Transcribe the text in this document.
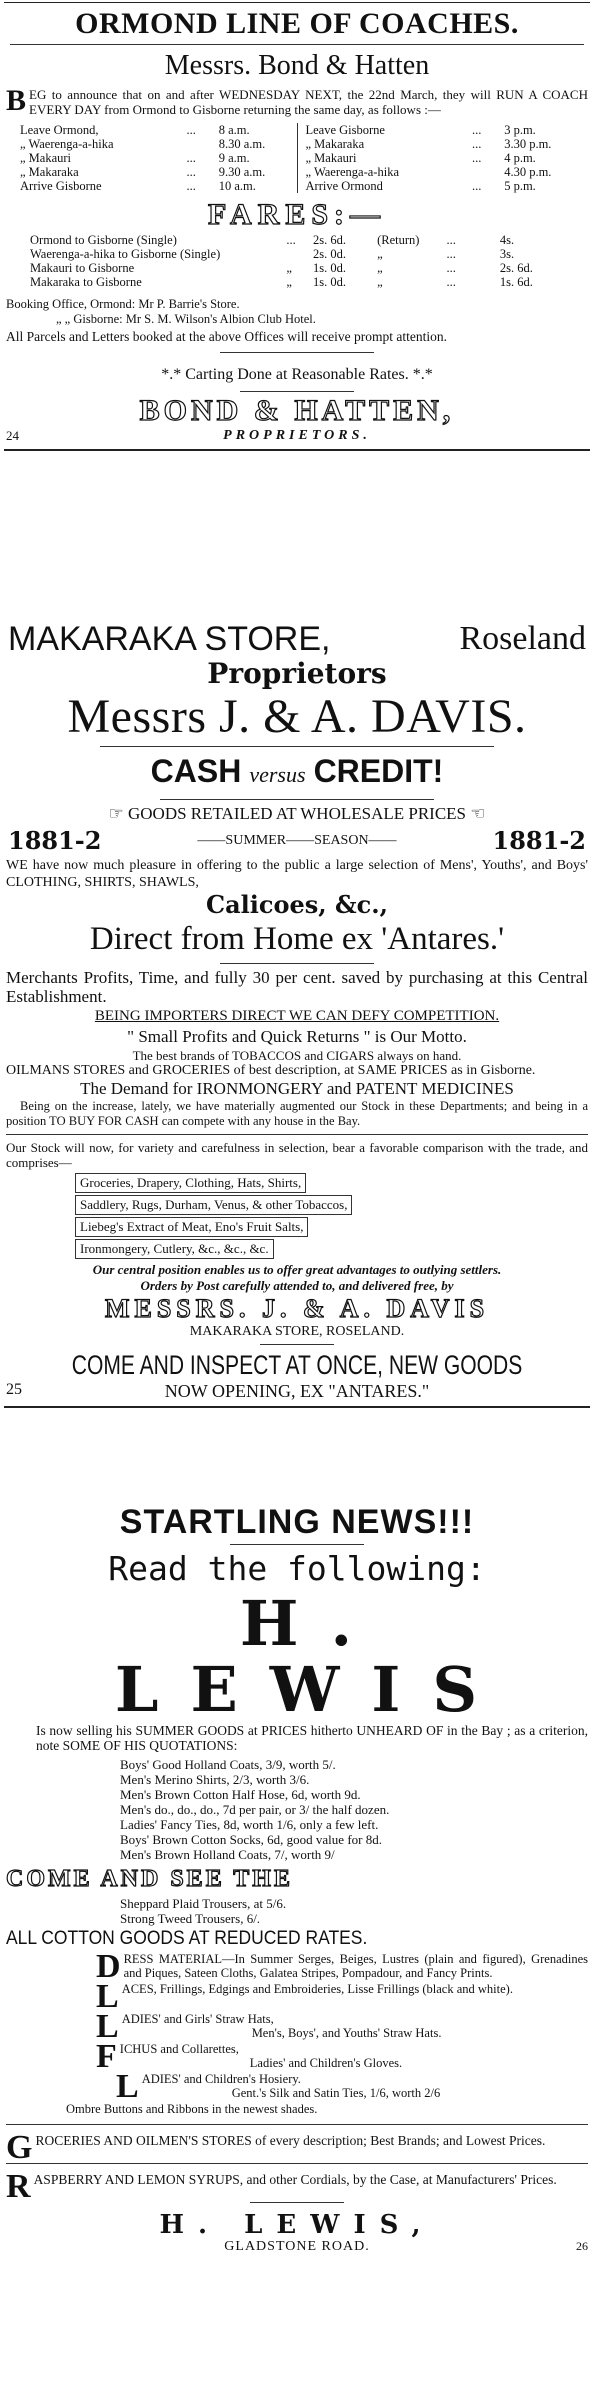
ORMOND LINE OF COACHES.
Messrs. Bond & Hatten
BEG to announce that on and after WEDNESDAY NEXT, the 22nd March, they will RUN A COACH EVERY DAY from Ormond to Gisborne returning the same day, as follows :—
Leave Ormond,	...	8 a.m.
„ Waerenga-a-hika	8.30 a.m.
„ Makauri	...	9 a.m.
„ Makaraka	...	9.30 a.m.
Arrive Gisborne	...	10 a.m.
Leave Gisborne	...	3 p.m.
„ Makaraka	...	3.30 p.m.
„ Makauri	...	4 p.m.
„ Waerenga-a-hika	4.30 p.m.
Arrive Ormond	...	5 p.m.
FARES:—
Ormond to Gisborne (Single)	...	2s. 6d.	(Return)	...	4s.
Waerenga-a-hika to Gisborne (Single)	2s. 0d.	„	...	3s.
Makauri to Gisborne	„	1s. 0d.	„	...	2s. 6d.
Makaraka to Gisborne	„	1s. 0d.	„	...	1s. 6d.
Booking Office, Ormond: Mr P. Barrie's Store.
„ „ Gisborne: Mr S. M. Wilson's Albion Club Hotel.
All Parcels and Letters booked at the above Offices will receive prompt attention.
*.* Carting Done at Reasonable Rates. *.*
BOND & HATTEN,
24	PROPRIETORS.
MAKARAKA STORE,	Roseland
Proprietors
Messrs J. & A. DAVIS.
CASH versus CREDIT!
☞ GOODS RETAILED AT WHOLESALE PRICES ☜
1881-2	——SUMMER——SEASON——	1881-2
WE have now much pleasure in offering to the public a large selection of Mens', Youths', and Boys' CLOTHING, SHIRTS, SHAWLS,
Calicoes, &c.,
Direct from Home ex 'Antares.'
Merchants Profits, Time, and fully 30 per cent. saved by purchasing at this Central Establishment.
BEING IMPORTERS DIRECT WE CAN DEFY COMPETITION.
" Small Profits and Quick Returns " is Our Motto.
The best brands of TOBACCOS and CIGARS always on hand.
OILMANS STORES and GROCERIES of best description, at SAME PRICES as in Gisborne.
The Demand for IRONMONGERY and PATENT MEDICINES
Being on the increase, lately, we have materially augmented our Stock in these Departments; and being in a position TO BUY FOR CASH can compete with any house in the Bay.
Our Stock will now, for variety and carefulness in selection, bear a favorable comparison with the trade, and comprises—
Groceries, Drapery, Clothing, Hats, Shirts,
Saddlery, Rugs, Durham, Venus, & other Tobaccos,
Liebeg's Extract of Meat, Eno's Fruit Salts,
Ironmongery, Cutlery, &c., &c., &c.
Our central position enables us to offer great advantages to outlying settlers.
Orders by Post carefully attended to, and delivered free, by
MESSRS. J. & A. DAVIS
MAKARAKA STORE, ROSELAND.
COME AND INSPECT AT ONCE, NEW GOODS
25	NOW OPENING, EX "ANTARES."
STARTLING NEWS!!!
Read the following:
H. LEWIS
Is now selling his SUMMER GOODS at PRICES hitherto UNHEARD OF in the Bay ; as a criterion, note SOME OF HIS QUOTATIONS:
Boys' Good Holland Coats, 3/9, worth 5/.
Men's Merino Shirts, 2/3, worth 3/6.
Men's Brown Cotton Half Hose, 6d, worth 9d.
Men's do., do., do., 7d per pair, or 3/ the half dozen.
Ladies' Fancy Ties, 8d, worth 1/6, only a few left.
Boys' Brown Cotton Socks, 6d, good value for 8d.
Men's Brown Holland Coats, 7/, worth 9/
COME AND SEE THE
Sheppard Plaid Trousers, at 5/6.
Strong Tweed Trousers, 6/.
ALL COTTON GOODS AT REDUCED RATES.
DRESS MATERIAL—In Summer Serges, Beiges, Lustres (plain and figured), Grenadines and Piques, Sateen Cloths, Galatea Stripes, Pompadour, and Fancy Prints.
LACES, Frillings, Edgings and Embroideries, Lisse Frillings (black and white).
LADIES' and Girls' Straw Hats,
Men's, Boys', and Youths' Straw Hats.
FICHUS and Collarettes,
Ladies' and Children's Gloves.
LADIES' and Children's Hosiery.
Gent.'s Silk and Satin Ties, 1/6, worth 2/6
Ombre Buttons and Ribbons in the newest shades.
GROCERIES AND OILMEN'S STORES of every description; Best Brands; and Lowest Prices.
RASPBERRY AND LEMON SYRUPS, and other Cordials, by the Case, at Manufacturers' Prices.
H. LEWIS,
GLADSTONE ROAD.	26
